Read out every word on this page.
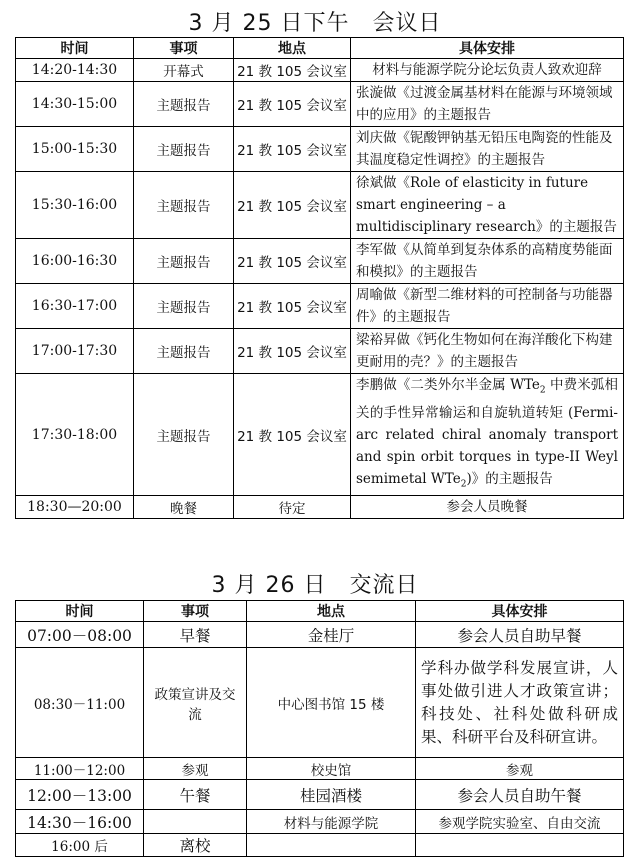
3 月 25 日下午　会议日
时间	事项	地点	具体安排
14:20-14:30	开幕式	21 教 105 会议室	材料与能源学院分论坛负责人致欢迎辞
14:30-15:00	主题报告	21 教 105 会议室	张漩做《过渡金属基材料在能源与环境领域中的应用》的主题报告
15:00-15:30	主题报告	21 教 105 会议室	刘庆做《铌酸钾钠基无铅压电陶瓷的性能及其温度稳定性调控》的主题报告
15:30-16:00	主题报告	21 教 105 会议室	徐斌做《Role of elasticity in future smart engineering – a multidisciplinary research》的主题报告
16:00-16:30	主题报告	21 教 105 会议室	李军做《从简单到复杂体系的高精度势能面和模拟》的主题报告
16:30-17:00	主题报告	21 教 105 会议室	周喻做《新型二维材料的可控制备与功能器件》的主题报告
17:00-17:30	主题报告	21 教 105 会议室	梁裕昇做《钙化生物如何在海洋酸化下构建更耐用的壳？》的主题报告
17:30-18:00	主题报告	21 教 105 会议室	李鹏做《二类外尔半金属 WTe$_2$ 中费米弧相关的手性异常输运和自旋轨道转矩 (Fermi-arc related chiral anomaly transport and spin orbit torques in type-II Weyl semimetal WTe$_2$)》的主题报告
18:30—20:00	晚餐	待定	参会人员晚餐
3 月 26 日　交流日
时间	事项	地点	具体安排
07:00－08:00	早餐	金桂厅	参会人员自助早餐
08:30－11:00	政策宣讲及交流	中心图书馆 15 楼	学科办做学科发展宣讲，人事处做引进人才政策宣讲；科技处、社科处做科研成果、科研平台及科研宣讲。
11:00－12:00	参观	校史馆	参观
12:00－13:00	午餐	桂园酒楼	参会人员自助午餐
14:30－16:00		材料与能源学院	参观学院实验室、自由交流
16:00 后	离校		
